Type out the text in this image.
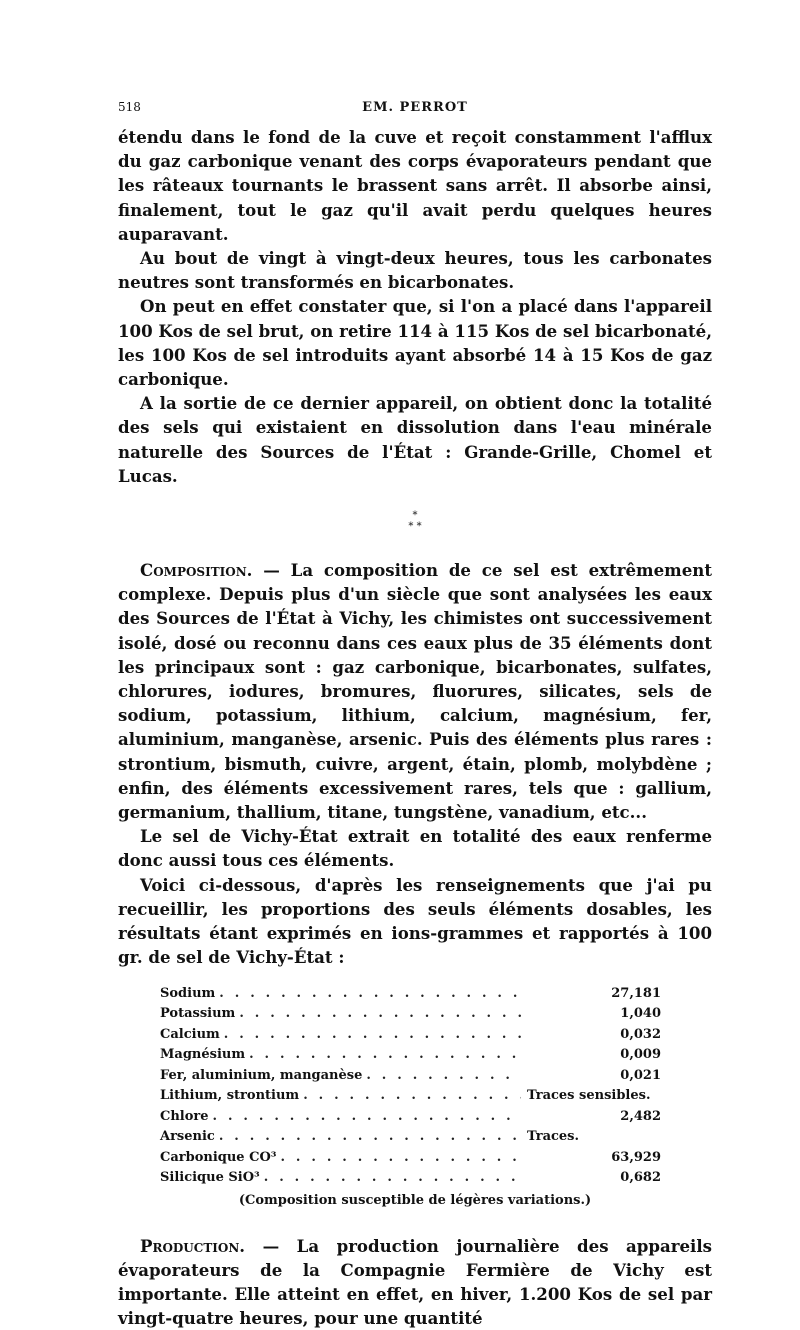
518	EM. PERROT

étendu dans le fond de la cuve et reçoit constamment l'afflux du gaz carbonique venant des corps évaporateurs pendant que les râteaux tournants le brassent sans arrêt. Il absorbe ainsi, finalement, tout le gaz qu'il avait perdu quelques heures auparavant.

Au bout de vingt à vingt-deux heures, tous les carbonates neutres sont transformés en bicarbonates.

On peut en effet constater que, si l'on a placé dans l'appareil 100 Kos de sel brut, on retire 114 à 115 Kos de sel bicarbonaté, les 100 Kos de sel introduits ayant absorbé 14 à 15 Kos de gaz carbonique.

A la sortie de ce dernier appareil, on obtient donc la totalité des sels qui existaient en dissolution dans l'eau minérale naturelle des Sources de l'État : Grande-Grille, Chomel et Lucas.

*
* *

Composition. — La composition de ce sel est extrêmement complexe. Depuis plus d'un siècle que sont analysées les eaux des Sources de l'État à Vichy, les chimistes ont successivement isolé, dosé ou reconnu dans ces eaux plus de 35 éléments dont les principaux sont : gaz carbonique, bicarbonates, sulfates, chlorures, iodures, bromures, fluorures, silicates, sels de sodium, potassium, lithium, calcium, magnésium, fer, aluminium, manganèse, arsenic. Puis des éléments plus rares : strontium, bismuth, cuivre, argent, étain, plomb, molybdène ; enfin, des éléments excessivement rares, tels que : gallium, germanium, thallium, titane, tungstène, vanadium, etc...

Le sel de Vichy-État extrait en totalité des eaux renferme donc aussi tous ces éléments.

Voici ci-dessous, d'après les renseignements que j'ai pu recueillir, les proportions des seuls éléments dosables, les résultats étant exprimés en ions-grammes et rapportés à 100 gr. de sel de Vichy-État :

Sodium . . .	27,181
Potassium . . .	1,040
Calcium . . .	0,032
Magnésium . . .	0,009
Fer, aluminium, manganèse . . .	0,021
Lithium, strontium . . .	Traces sensibles.
Chlore . . .	2,482
Arsenic . . .	Traces.
Carbonique CO³ . . .	63,929
Silicique SiO³ . . .	0,682
(Composition susceptible de légères variations.)

Production. — La production journalière des appareils évaporateurs de la Compagnie Fermière de Vichy est importante. Elle atteint en effet, en hiver, 1.200 Kos de sel par vingt-quatre heures, pour une quantité
